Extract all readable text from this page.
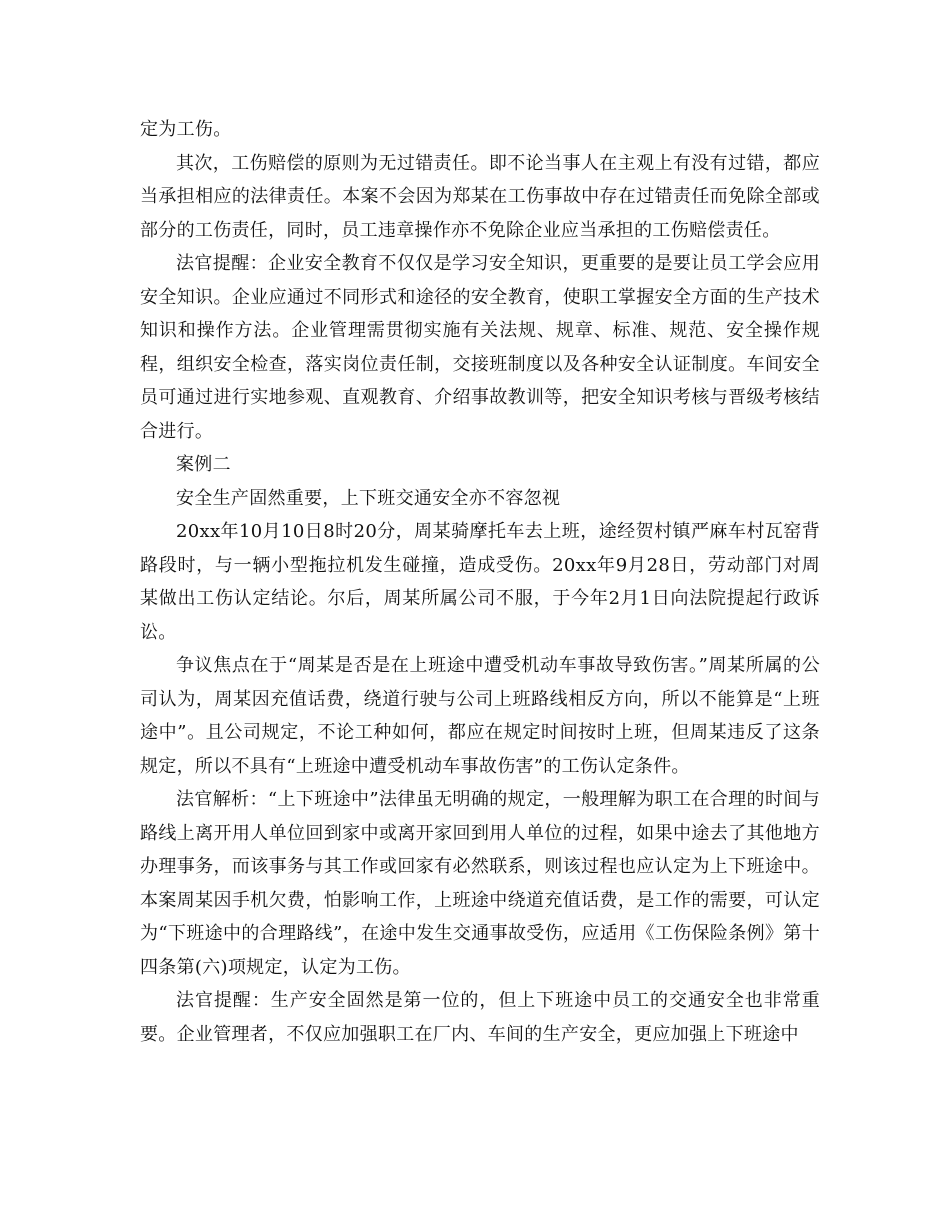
定为工伤。

其次，工伤赔偿的原则为无过错责任。即不论当事人在主观上有没有过错，都应当承担相应的法律责任。本案不会因为郑某在工伤事故中存在过错责任而免除全部或部分的工伤责任，同时，员工违章操作亦不免除企业应当承担的工伤赔偿责任。

法官提醒：企业安全教育不仅仅是学习安全知识，更重要的是要让员工学会应用安全知识。企业应通过不同形式和途径的安全教育，使职工掌握安全方面的生产技术知识和操作方法。企业管理需贯彻实施有关法规、规章、标准、规范、安全操作规程，组织安全检查，落实岗位责任制，交接班制度以及各种安全认证制度。车间安全员可通过进行实地参观、直观教育、介绍事故教训等，把安全知识考核与晋级考核结合进行。

案例二

安全生产固然重要，上下班交通安全亦不容忽视

20xx年10月10日8时20分，周某骑摩托车去上班，途经贺村镇严麻车村瓦窑背路段时，与一辆小型拖拉机发生碰撞，造成受伤。20xx年9月28日，劳动部门对周某做出工伤认定结论。尔后，周某所属公司不服，于今年2月1日向法院提起行政诉讼。

争议焦点在于“周某是否是在上班途中遭受机动车事故导致伤害。”周某所属的公司认为，周某因充值话费，绕道行驶与公司上班路线相反方向，所以不能算是“上班途中”。且公司规定，不论工种如何，都应在规定时间按时上班，但周某违反了这条规定，所以不具有“上班途中遭受机动车事故伤害”的工伤认定条件。

法官解析：“上下班途中”法律虽无明确的规定，一般理解为职工在合理的时间与路线上离开用人单位回到家中或离开家回到用人单位的过程，如果中途去了其他地方办理事务，而该事务与其工作或回家有必然联系，则该过程也应认定为上下班途中。本案周某因手机欠费，怕影响工作，上班途中绕道充值话费，是工作的需要，可认定为“下班途中的合理路线”，在途中发生交通事故受伤，应适用《工伤保险条例》第十四条第(六)项规定，认定为工伤。

法官提醒：生产安全固然是第一位的，但上下班途中员工的交通安全也非常重要。企业管理者，不仅应加强职工在厂内、车间的生产安全，更应加强上下班途中
